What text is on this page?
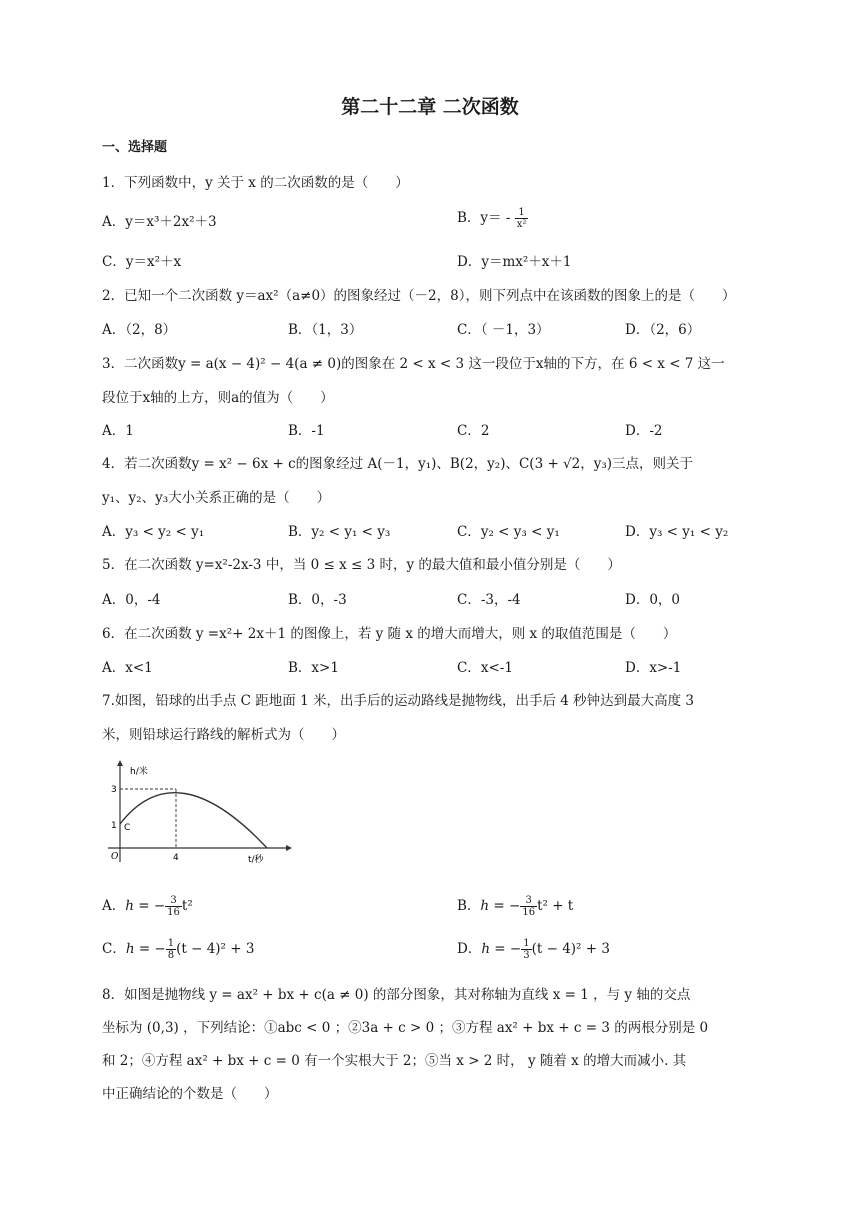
第二十二章 二次函数
一、选择题
1．下列函数中，y 关于 x 的二次函数的是（　　）
A．y＝x³＋2x²＋3	B．$y= - \frac{1}{\text{x²}}$
C．y＝x²＋x	D．y＝mx²＋x＋1
2．已知一个二次函数 y＝ax²（a≠0）的图象经过（－2，8），则下列点中在该函数的图象上的是（　　）
A．（2，8）	B．（1，3）	C．（ －1，3）	D．（2，6）
3．二次函数y = a(x − 4)² − 4(a ≠ 0)的图象在 2 < x < 3 这一段位于x轴的下方，在 6 < x < 7 这一
段位于x轴的上方，则a的值为（　　）
A．1	B．-1	C．2	D．-2
4．若二次函数y = x² − 6x + c的图象经过 A(－1，y₁)、B(2，y₂)、C(3 + √2，y₃)三点，则关于
y₁、y₂、y₃大小关系正确的是（　　）
A．y₃ < y₂ < y₁	B．y₂ < y₁ < y₃	C．y₂ < y₃ < y₁	D．y₃ < y₁ < y₂
5．在二次函数 y=x²-2x-3 中，当 0 ≤ x ≤ 3 时，y 的最大值和最小值分别是（　　）
A．0，-4	B．0，-3	C．-3，-4	D．0，0
6．在二次函数 y =x²+ 2x＋1 的图像上，若 y 随 x 的增大而增大，则 x 的取值范围是（　　）
A．x<1	B．x>1	C．x<-1	D．x>-1
7.如图，铅球的出手点 C 距地面 1 米，出手后的运动路线是抛物线，出手后 4 秒钟达到最大高度 3
米，则铅球运行路线的解析式为（　　）
h/米
3
1 C
O	4	t/秒
A．ℎ = − $\frac{3}{16} t^2$	B．ℎ = − $\frac{3}{16} t^2 + t$
C．ℎ = − $\frac{1}{8} (t - 4)^2 + 3$	D．ℎ = − $\frac{1}{3} (t - 4)^2 + 3$
8．如图是抛物线 y = ax² + bx + c(a ≠ 0) 的部分图象，其对称轴为直线 x = 1 ，与 y 轴的交点
坐标为 (0,3) ，下列结论：①abc < 0 ；②3a + c > 0 ；③方程 ax² + bx + c = 3 的两根分别是 0
和 2；④方程 ax² + bx + c = 0 有一个实根大于 2；⑤当 x > 2 时， y 随着 x 的增大而减小. 其
中正确结论的个数是（　　）
